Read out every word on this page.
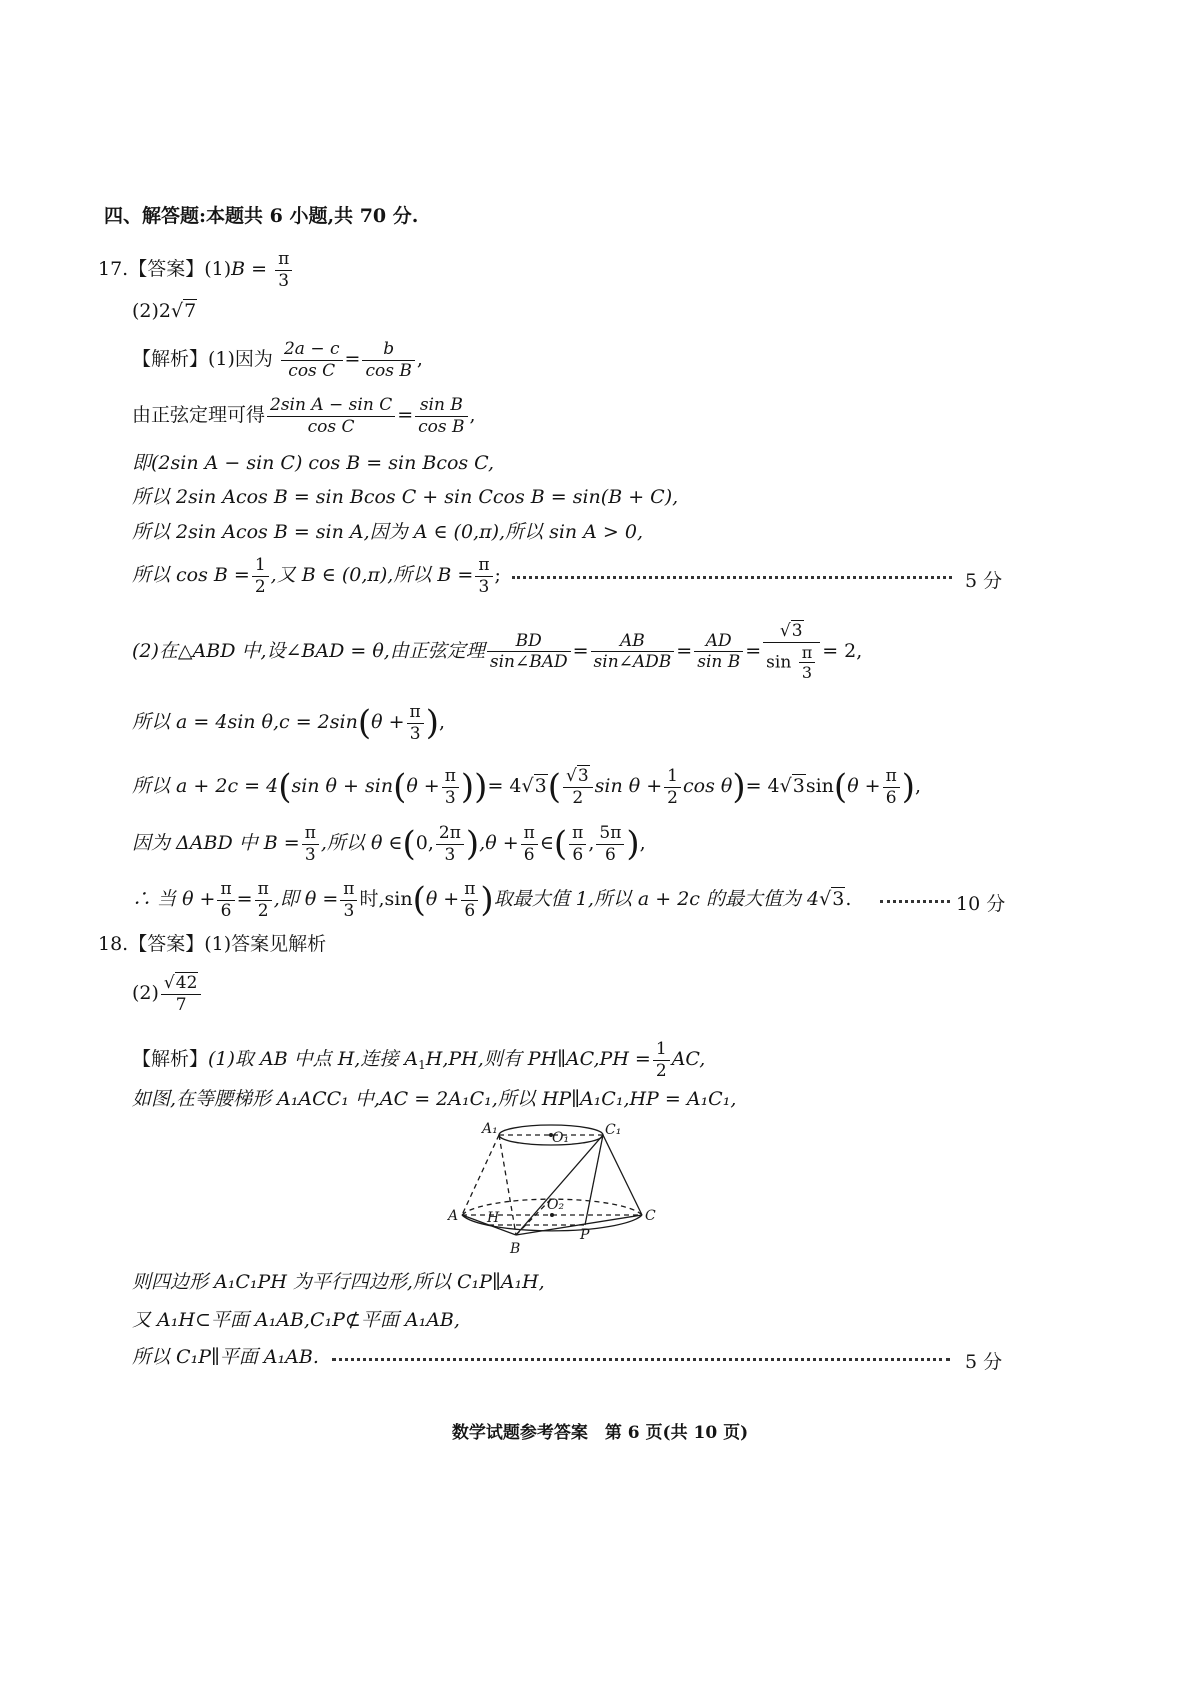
四、解答题:本题共 6 小题,共 70 分.
17.【答案】$(1)B = \frac{\pi}{3}$
(2)2√7
【解析】(1)因为 $\frac{2a - c}{\text{cos C}} = \frac{b}{\text{cos B}}$ ,
由正弦定理可得 $\frac{\text{2sin A − sin C}}{\text{cos C}} = \frac{\text{sin B}}{\text{cos B}}$ ,
即(2sin A − sin C) cos B = sin Bcos C,
所以 2sin Acos B = sin Bcos C + sin Ccos B = sin(B + C),
所以 2sin Acos B = sin A,因为 A ∈ (0,π),所以 sin A > 0,
所以 $\cos B = \frac{1}{2}$ ,又 B ∈ (0,π),所以 $B = \frac{\pi}{3}$ ;	5 分
(2)在△ABD 中,设∠BAD = θ,由正弦定理	BD
sin∠BAD
=	AB
sin∠ADB
= $\frac{AD}{\text{sin B}} = \frac{√3}{\sin \frac{\pi}{3}} = 2$,
所以 a = 4sin $\theta,c = 2\sin(\theta + \frac{\pi}{3}$ ),
所以 a + 2c = 4(sin $\theta + \sin(\theta + \frac{\pi}{3}$ ))= $4√3( \frac{√3}{2}$ $\sin \theta + \frac{1}{2}$ $\cos \theta)= 4√3\sin(\theta + \frac{\pi}{6}$ ),
因为 ΔABD 中 $B = \frac{\pi}{3}$ ,所以 θ ∈(0, $\frac{2\pi}{3} ),\theta + \frac{\pi}{6}$ ∈( $\frac{\pi}{6}$ , $\frac{5\pi}{6}$ ),
∴ 当 $\theta + \frac{\pi}{6} = \frac{\pi}{2}$ ,即 $\theta = \frac{\pi}{3}$ 时$,\sin(\theta + \frac{\pi}{6}$ )取最大值 1,所以 a + 2c 的最大值为 4√3.	10 分
18.【答案】(1)答案见解析
$(2) \frac{√42}{7}$
【解析】(1)取 AB 中点 H,连接 $A_1H,PH$,则有 PH∥AC,PH = $\frac{1}{2}$ AC,
如图,在等腰梯形 A₁ACC₁ 中,AC = 2A₁C₁,所以 HP∥A₁C₁,HP = A₁C₁,
A₁
O₁	C₁
A H
O₂
C
B
P
则四边形 A₁C₁PH 为平行四边形,所以 C₁P∥A₁H,
又 A₁H⊂平面 A₁AB,C₁P⊄平面 A₁AB,
所以 C₁P∥平面 A₁AB.	5 分
数学试题参考答案　第 6 页(共 10 页)
